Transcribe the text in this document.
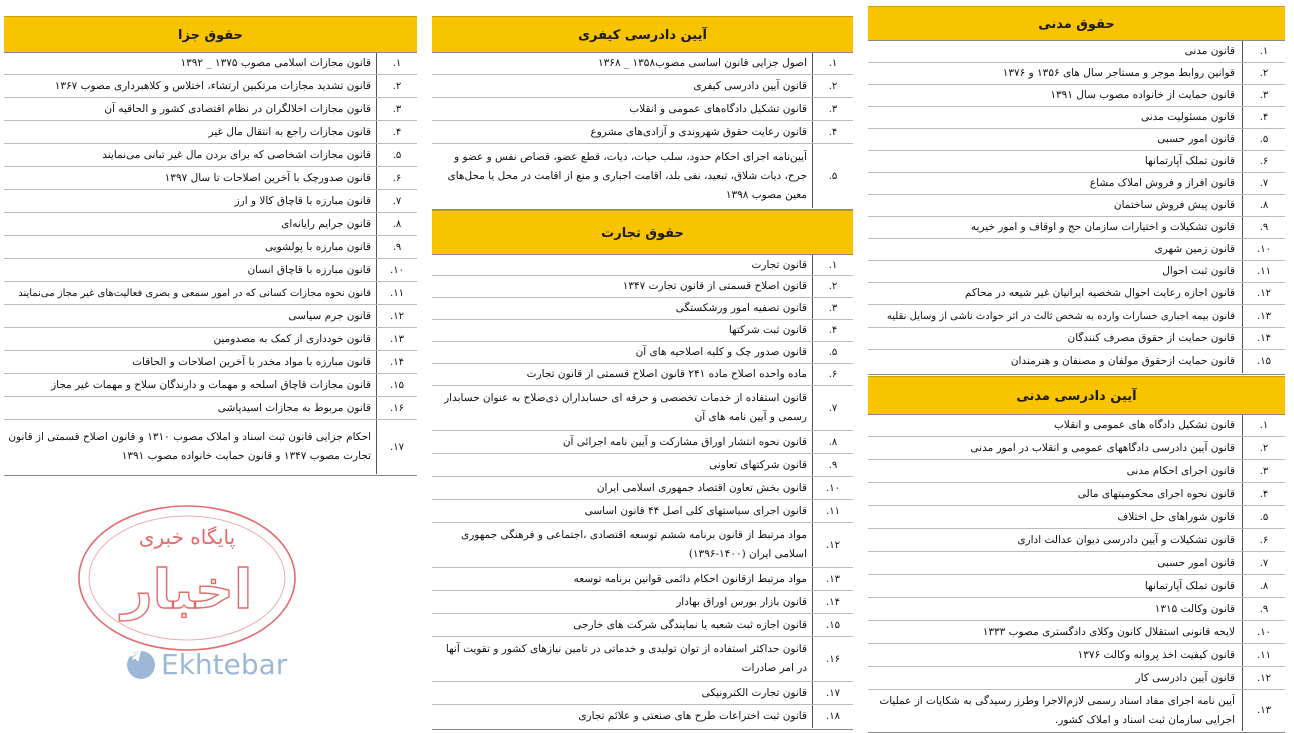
حقوق مدنی
۱.
قانون مدنی
۲.
قوانین روابط موجر و مستاجر سال های ۱۳۵۶ و ۱۳۷۶
۳.
قانون حمایت از خانواده مصوب سال ۱۳۹۱
۴.
قانون مسئولیت مدنی
۵.
قانون امور حسبی
۶.
قانون تملک آپارتمانها
۷.
قانون افراز و فروش املاک مشاع
۸.
قانون پیش فروش ساختمان
۹.
قانون تشکیلات و اختیارات سازمان حج و اوقاف و امور خیریه
۱۰.
قانون زمین شهری
۱۱.
قانون ثبت احوال
۱۲.
قانون اجازه رعایت احوال شخصیه ایرانیان غیر شیعه در محاکم
۱۳.
قانون بیمه اجباری خسارات وارده به شخص ثالث در اثر حوادث ناشی از وسایل نقلیه
۱۴.
قانون حمایت از حقوق مصرف کنندگان
۱۵.
قانون حمایت ازحقوق مولفان و مصنفان و هنرمندان
آیین دادرسی مدنی
۱.
قانون تشکیل دادگاه های عمومی و انقلاب
۲.
قانون آیین دادرسی دادگاههای عمومی و انقلاب در امور مدنی
۳.
قانون اجرای احکام مدنی
۴.
قانون نحوه اجرای محکومیتهای مالی
۵.
قانون شوراهای حل اختلاف
۶.
قانون تشکیلات و آیین دادرسی دیوان عدالت اداری
۷.
قانون امور حسبی
۸.
قانون تملک آپارتمانها
۹.
قانون وکالت ۱۳۱۵
۱۰.
لایحه قانونی استقلال کانون وکلای دادگستری مصوب ۱۳۳۳
۱۱.
قانون کیفیت اخذ پروانه وکالت ۱۳۷۶
۱۲.
قانون آیین دادرسی کار
۱۳.
آیین نامه اجرای مفاد اسناد رسمی لازم‌الاجرا وطرز رسیدگی به شکایات از عملیات اجرایی سازمان ثبت اسناد و املاک کشور.
آیین دادرسی کیفری
۱.
اصول جزایی قانون اساسی مصوب۱۳۵۸ _ ۱۳۶۸
۲.
قانون آیین دادرسی کیفری
۳.
قانون تشکیل دادگاه‌های عمومی و انقلاب
۴.
قانون رعایت حقوق شهروندی و آزادی‌های مشروع
۵.
آیین‌نامه اجرای احکام حدود، سلب حیات، دیات، قطع عضو، قصاص نفس و عضو و جرح، دیات شلاق، تبعید، نفی بلد، اقامت اجباری و منع از اقامت در محل یا محل‌های معین مصوب ۱۳۹۸
حقوق تجارت
۱.
قانون تجارت
۲.
قانون اصلاح قسمتی از قانون تجارت ۱۳۴۷
۳.
قانون تصفیه امور ورشکستگی
۴.
قانون ثبت شرکتها
۵.
قانون صدور چک و کلیه اصلاحیه های آن
۶.
ماده واحده اصلاح ماده ۲۴۱ قانون اصلاح قسمتی از قانون تجارت
۷.
قانون استفاده از خدمات تخصصی و حرفه ای حسابداران ذی‌صلاح به عنوان حسابدار رسمی و آیین نامه های آن
۸.
قانون نحوه انتشار اوراق مشارکت و آیین نامه اجرائی آن
۹.
قانون شرکتهای تعاونی
۱۰.
قانون بخش تعاون اقتصاد جمهوری اسلامی ایران
۱۱.
قانون اجرای سیاستهای کلی اصل ۴۴ قانون اساسی
۱۲.
مواد مرتبط از قانون برنامه ششم توسعه اقتصادی ،اجتماعی و فرهنگی جمهوری اسلامی ایران (۱۴۰۰-۱۳۹۶)
۱۳.
مواد مرتبط ازقانون احکام دائمی قوانین برنامه توسعه
۱۴.
قانون بازار بورس اوراق بهادار
۱۵.
قانون اجازه ثبت شعبه یا نمایندگی شرکت های خارجی
۱۶.
قانون حداکثر استفاده از توان تولیدی و خدماتی در تامین نیازهای کشور و تقویت آنها در امر صادرات
۱۷.
قانون تجارت الکترونیکی
۱۸.
قانون ثبت اختراعات طرح های صنعتی و علائم تجاری
حقوق جزا
۱.
قانون مجازات اسلامی مصوب ۱۳۷۵ _ ۱۳۹۲
۲.
قانون تشدید مجازات مرتکبین ارتشاء، اختلاس و کلاهبرداری مصوب ۱۳۶۷
۳.
قانون مجازات اخلالگران در نظام اقتصادی کشور و الحاقیه آن
۴.
قانون مجازات راجع به انتقال مال غیر
۵.
قانون مجازات اشخاصی که برای بردن مال غیر تبانی می‌نمایند
۶.
قانون صدورچک با آخرین اصلاحات تا سال ۱۳۹۷
۷.
قانون مبارزه با قاچاق کالا و ارز
۸.
قانون جرایم رایانه‌ای
۹.
قانون مبارزه با پولشویی
۱۰.
قانون مبارزه با قاچاق انسان
۱۱.
قانون نحوه مجازات کسانی که در امور سمعی و بصری فعالیت‌های غیر مجاز می‌نمایند
۱۲.
قانون جرم سیاسی
۱۳.
قانون خودداری از کمک به مصدومین
۱۴.
قانون مبارزه با مواد مخدر با آخرین اصلاحات و الحاقات
۱۵.
قانون مجازات قاچاق اسلحه و مهمات و دارندگان سلاح و مهمات غیر مجاز
۱۶.
قانون مربوط به مجازات اسیدپاشی
۱۷.
احکام جزایی قانون ثبت اسناد و املاک مصوب ۱۳۱۰ و قانون اصلاح قسمتی از قانون تجارت مصوب ۱۳۴۷ و قانون حمایت خانواده مصوب ۱۳۹۱
پایگاه خبری
اخبار
Ekhtebar
